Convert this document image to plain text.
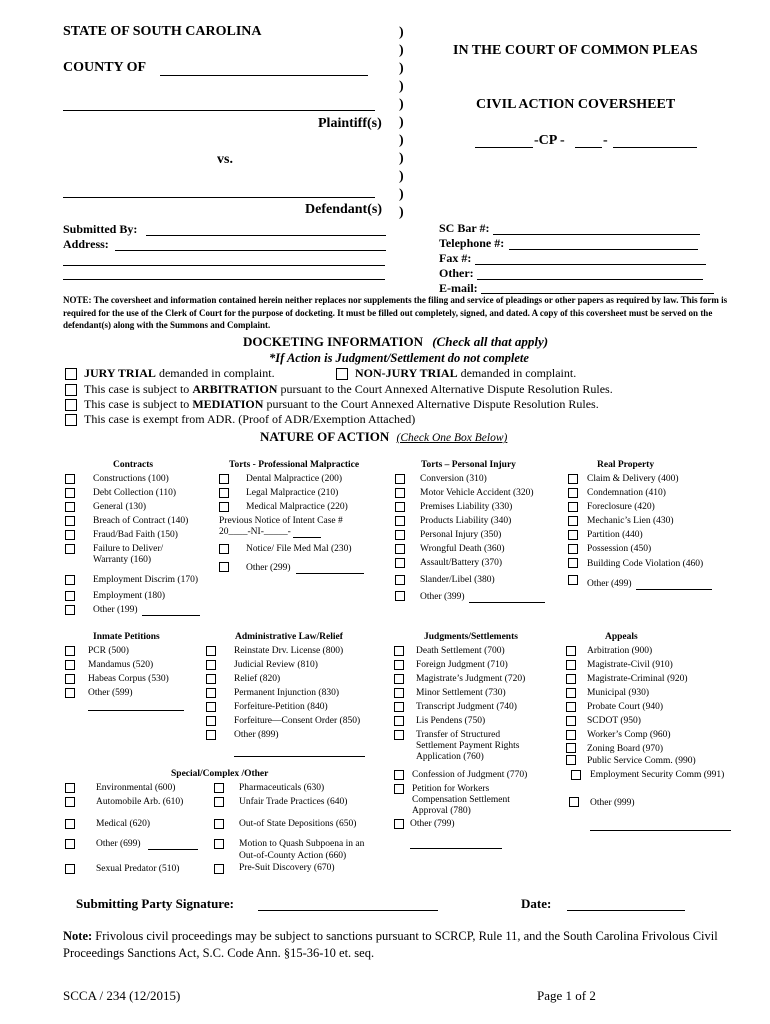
STATE OF SOUTH CAROLINA
COUNTY OF
Plaintiff(s)
vs.
Defendant(s)
)
)
)
)
)
)
)
)
)
)
)
IN THE COURT OF COMMON PLEAS
CIVIL ACTION COVERSHEET
-CP -	-
Submitted By:
Address:
SC Bar #:
Telephone #:
Fax #:
Other:
E-mail:
NOTE: The coversheet and information contained herein neither replaces nor supplements the filing and service of pleadings or other papers as required by law. This form is required for the use of the Clerk of Court for the purpose of docketing. It must be filled out completely, signed, and dated. A copy of this coversheet must be served on the defendant(s) along with the Summons and Complaint.
DOCKETING INFORMATION (Check all that apply)
*If Action is Judgment/Settlement do not complete
JURY TRIAL demanded in complaint.	NON-JURY TRIAL demanded in complaint.
This case is subject to ARBITRATION pursuant to the Court Annexed Alternative Dispute Resolution Rules.
This case is subject to MEDIATION pursuant to the Court Annexed Alternative Dispute Resolution Rules.
This case is exempt from ADR. (Proof of ADR/Exemption Attached)
NATURE OF ACTION (Check One Box Below)
Contracts	Torts - Professional Malpractice	Torts – Personal Injury	Real Property
Constructions (100)
Debt Collection (110)
General (130)
Breach of Contract (140)
Fraud/Bad Faith (150)
Failure to Deliver/
Warranty (160)
Employment Discrim (170)
Employment (180)
Other (199)
Dental Malpractice (200)
Legal Malpractice (210)
Medical Malpractice (220)
Previous Notice of Intent Case #
20____-NI-_____-
Notice/ File Med Mal (230)
Other (299)
Conversion (310)
Motor Vehicle Accident (320)
Premises Liability (330)
Products Liability (340)
Personal Injury (350)
Wrongful Death (360)
Assault/Battery (370)
Slander/Libel (380)
Other (399)
Claim & Delivery (400)
Condemnation (410)
Foreclosure (420)
Mechanic’s Lien (430)
Partition (440)
Possession (450)
Building Code Violation (460)
Other (499)
Inmate Petitions	Administrative Law/Relief	Judgments/Settlements	Appeals
PCR (500)
Mandamus (520)
Habeas Corpus (530)
Other (599)
Reinstate Drv. License (800)
Judicial Review (810)
Relief (820)
Permanent Injunction (830)
Forfeiture-Petition (840)
Forfeiture—Consent Order (850)
Other (899)
Death Settlement (700)
Foreign Judgment (710)
Magistrate’s Judgment (720)
Minor Settlement (730)
Transcript Judgment (740)
Lis Pendens (750)
Transfer of Structured
Settlement Payment Rights
Application (760)
Confession of Judgment (770)
Petition for Workers
Compensation Settlement
Approval (780)
Other (799)
Arbitration (900)
Magistrate-Civil (910)
Magistrate-Criminal (920)
Municipal (930)
Probate Court (940)
SCDOT (950)
Worker’s Comp (960)
Zoning Board (970)
Public Service Comm. (990)
Employment Security Comm (991)
Other (999)
Special/Complex /Other
Environmental (600)
Automobile Arb. (610)
Medical (620)
Other (699)
Sexual Predator (510)
Pharmaceuticals (630)
Unfair Trade Practices (640)
Out-of State Depositions (650)
Motion to Quash Subpoena in an
Out-of-County Action (660)
Pre-Suit Discovery (670)
Submitting Party Signature:	Date:
Note: Frivolous civil proceedings may be subject to sanctions pursuant to SCRCP, Rule 11, and the South Carolina Frivolous Civil Proceedings Sanctions Act, S.C. Code Ann. §15-36-10 et. seq.
SCCA / 234 (12/2015)	Page 1 of 2
